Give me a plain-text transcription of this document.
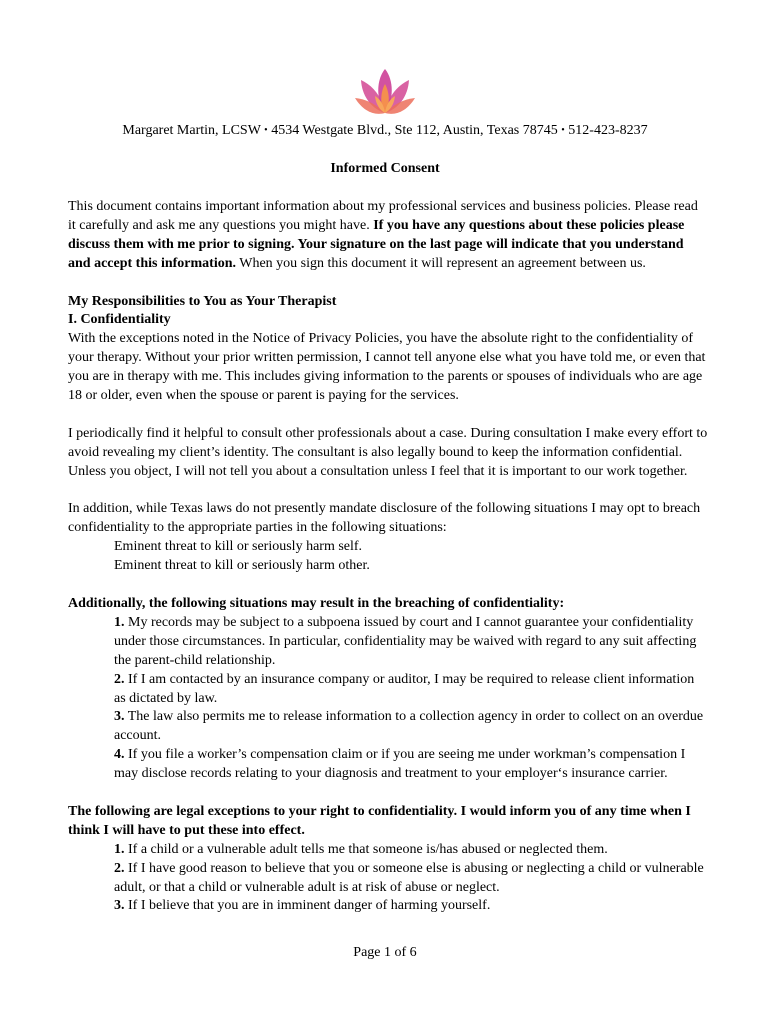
Margaret Martin, LCSW • 4534 Westgate Blvd., Ste 112, Austin, Texas 78745 • 512-423-8237
Informed Consent

This document contains important information about my professional services and business policies. Please read it carefully and ask me any questions you might have. If you have any questions about these policies please discuss them with me prior to signing. Your signature on the last page will indicate that you understand and accept this information. When you sign this document it will represent an agreement between us.

My Responsibilities to You as Your Therapist
I. Confidentiality

With the exceptions noted in the Notice of Privacy Policies, you have the absolute right to the confidentiality of your therapy. Without your prior written permission, I cannot tell anyone else what you have told me, or even that you are in therapy with me. This includes giving information to the parents or spouses of individuals who are age 18 or older, even when the spouse or parent is paying for the services.

I periodically find it helpful to consult other professionals about a case. During consultation I make every effort to avoid revealing my client’s identity. The consultant is also legally bound to keep the information confidential. Unless you object, I will not tell you about a consultation unless I feel that it is important to our work together.

In addition, while Texas laws do not presently mandate disclosure of the following situations I may opt to breach confidentiality to the appropriate parties in the following situations:
Eminent threat to kill or seriously harm self.
Eminent threat to kill or seriously harm other.

Additionally, the following situations may result in the breaching of confidentiality:
1. My records may be subject to a subpoena issued by court and I cannot guarantee your confidentiality under those circumstances. In particular, confidentiality may be waived with regard to any suit affecting the parent-child relationship.
2. If I am contacted by an insurance company or auditor, I may be required to release client information as dictated by law.
3. The law also permits me to release information to a collection agency in order to collect on an overdue account.
4. If you file a worker’s compensation claim or if you are seeing me under workman’s compensation I may disclose records relating to your diagnosis and treatment to your employer‘s insurance carrier.

The following are legal exceptions to your right to confidentiality. I would inform you of any time when I think I will have to put these into effect.
1. If a child or a vulnerable adult tells me that someone is/has abused or neglected them.
2. If I have good reason to believe that you or someone else is abusing or neglecting a child or vulnerable adult, or that a child or vulnerable adult is at risk of abuse or neglect.
3. If I believe that you are in imminent danger of harming yourself.
Page 1 of 6
